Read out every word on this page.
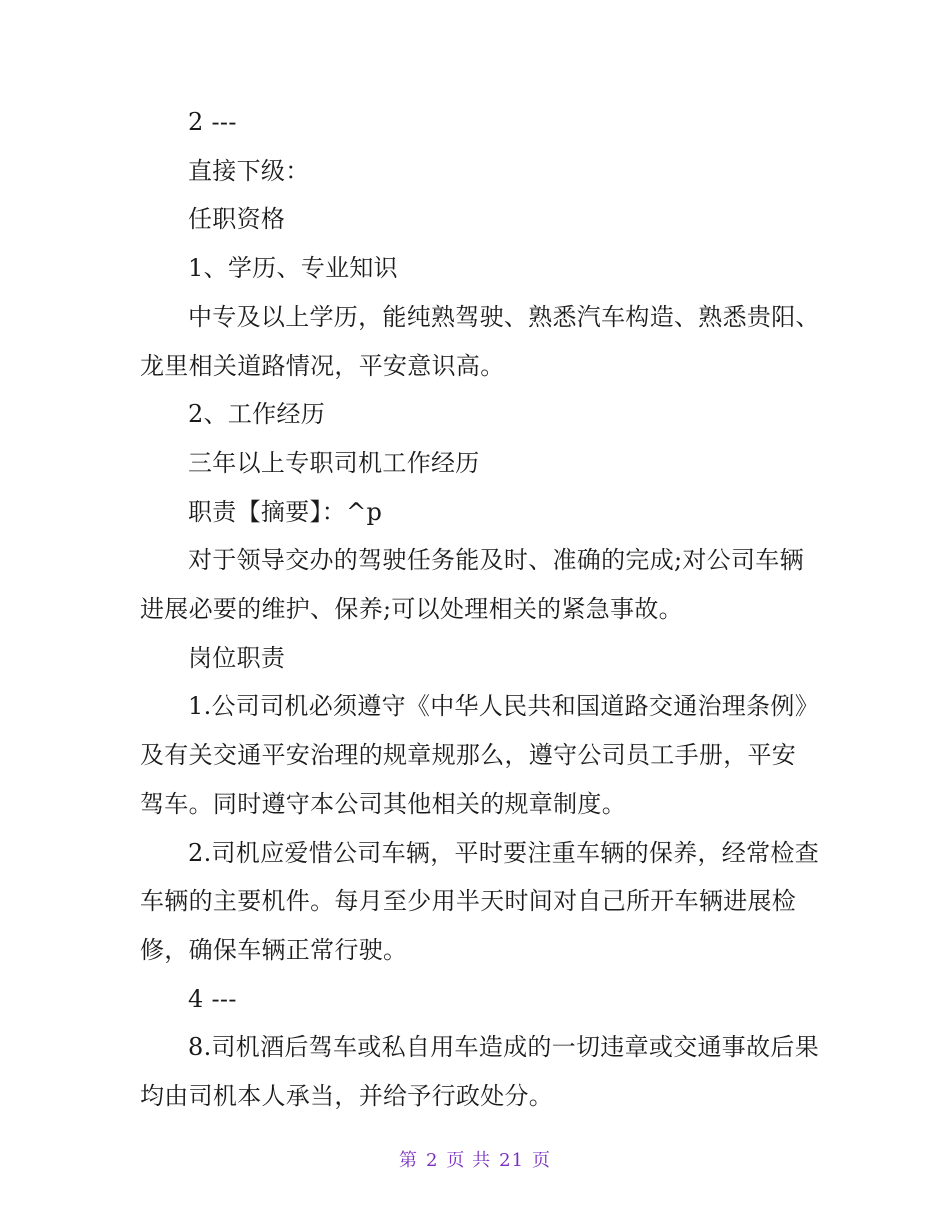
2 ---

直接下级：

任职资格

1、学历、专业知识

中专及以上学历，能纯熟驾驶、熟悉汽车构造、熟悉贵阳、龙里相关道路情况，平安意识高。

2、工作经历

三年以上专职司机工作经历

职责【摘要】：^p

对于领导交办的驾驶任务能及时、准确的完成;对公司车辆进展必要的维护、保养;可以处理相关的紧急事故。

岗位职责

1.公司司机必须遵守《中华人民共和国道路交通治理条例》及有关交通平安治理的规章规那么，遵守公司员工手册，平安驾车。同时遵守本公司其他相关的规章制度。

2.司机应爱惜公司车辆，平时要注重车辆的保养，经常检查车辆的主要机件。每月至少用半天时间对自己所开车辆进展检修，确保车辆正常行驶。

4 ---

8.司机酒后驾车或私自用车造成的一切违章或交通事故后果均由司机本人承当，并给予行政处分。

第 2 页 共 21 页
